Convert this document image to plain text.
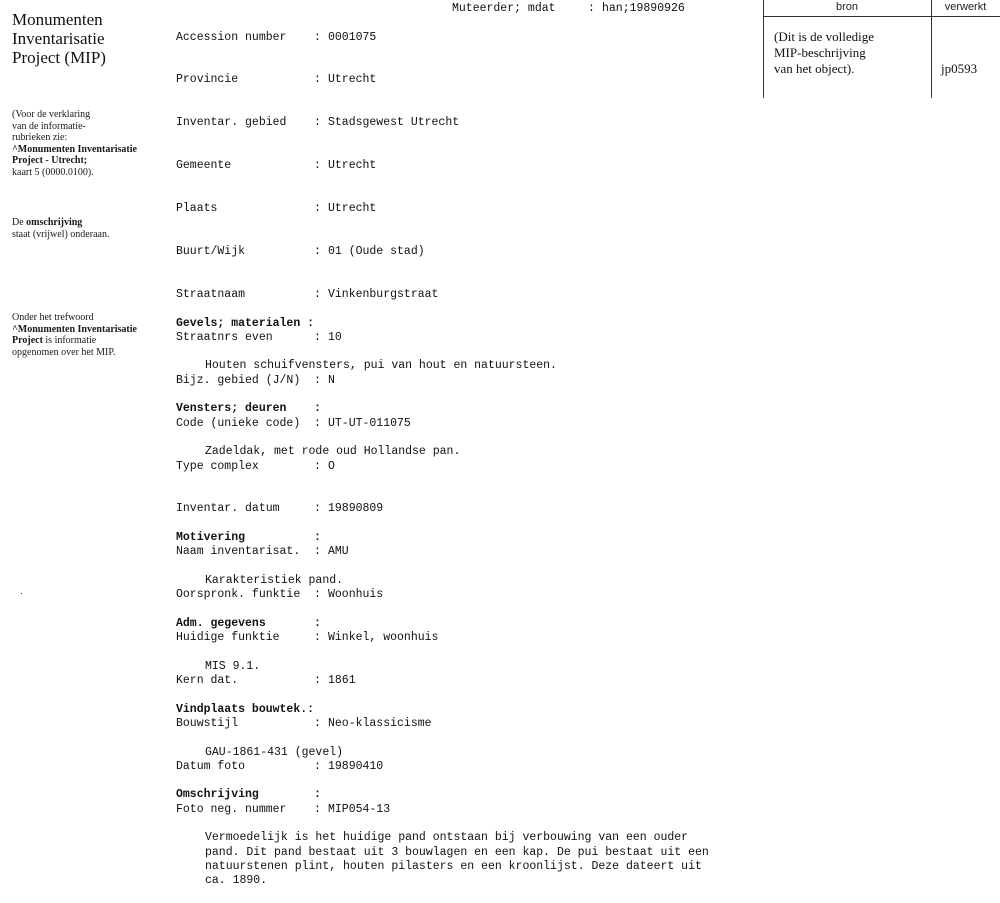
Monumenten
Inventarisatie
Project (MIP)
(Voor de verklaring
van de informatie-
rubrieken zie:
^Monumenten Inventarisatie
Project - Utrecht;
kaart 5 (0000.0100).
De omschrijving
staat (vrijwel) onderaan.
Onder het trefwoord
^Monumenten Inventarisatie
Project is informatie
opgenomen over het MIP.
.
Muteerder; mdat	: han;19890926

Accession number : 0001075

Provincie	: Utrecht

Inventar. gebied : Stadsgewest Utrecht

Gemeente	: Utrecht

Plaats	: Utrecht

Buurt/Wijk	: 01 (Oude stad)

Straatnaam	: Vinkenburgstraat

Straatnrs even	: 10

Bijz. gebied (J/N) : N

Code (unieke code) : UT-UT-011075

Type complex	: O

Inventar. datum	: 19890809

Naam inventarisat. : AMU

Oorspronk. funktie : Woonhuis

Huidige funktie	: Winkel, woonhuis

Kern dat.	: 1861

Bouwstijl	: Neo-klassicisme

Datum foto	: 19890410

Foto neg. nummer : MIP054-13

Gevels; materialen :

Houten schuifvensters, pui van hout en natuursteen.

Vensters; deuren :

Zadeldak, met rode oud Hollandse pan.

Motivering	:

Karakteristiek pand.

Adm. gegevens	:

MIS 9.1.

Vindplaats bouwtek.:

GAU-1861-431 (gevel)

Omschrijving	:

Vermoedelijk is het huidige pand ontstaan bij verbouwing van een ouder
pand. Dit pand bestaat uit 3 bouwlagen en een kap. De pui bestaat uit een
natuurstenen plint, houten pilasters en een kroonlijst. Deze dateert uit
ca. 1890.

bron	verwerkt
(Dit is de volledige
MIP-beschrijving
van het object).	jp0593
